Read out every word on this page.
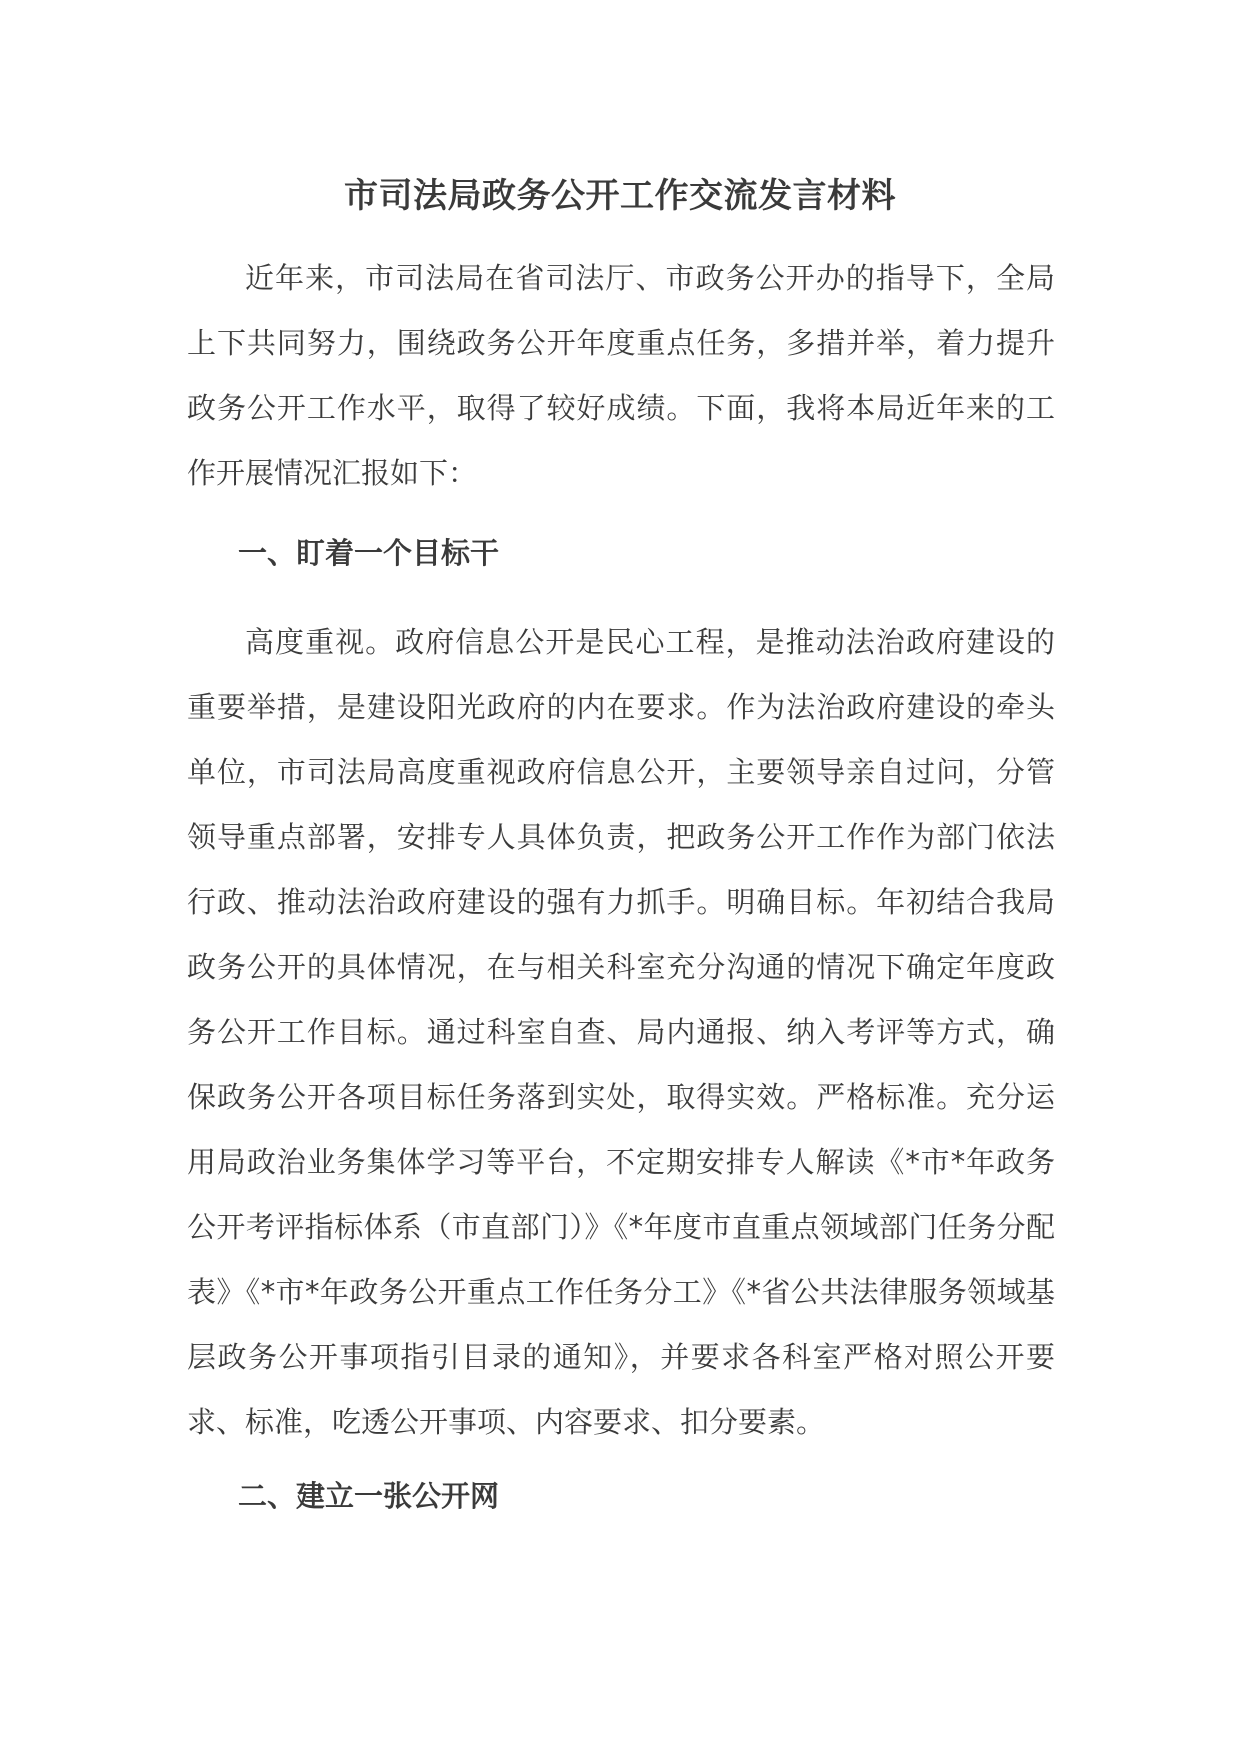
市司法局政务公开工作交流发言材料

近年来，市司法局在省司法厅、市政务公开办的指导下，全局上下共同努力，围绕政务公开年度重点任务，多措并举，着力提升政务公开工作水平，取得了较好成绩。下面，我将本局近年来的工作开展情况汇报如下：

一、盯着一个目标干

高度重视。政府信息公开是民心工程，是推动法治政府建设的重要举措，是建设阳光政府的内在要求。作为法治政府建设的牵头单位，市司法局高度重视政府信息公开，主要领导亲自过问，分管领导重点部署，安排专人具体负责，把政务公开工作作为部门依法行政、推动法治政府建设的强有力抓手。明确目标。年初结合我局政务公开的具体情况，在与相关科室充分沟通的情况下确定年度政务公开工作目标。通过科室自查、局内通报、纳入考评等方式，确保政务公开各项目标任务落到实处，取得实效。严格标准。充分运用局政治业务集体学习等平台，不定期安排专人解读《*市*年政务公开考评指标体系（市直部门）》《*年度市直重点领域部门任务分配表》《*市*年政务公开重点工作任务分工》《*省公共法律服务领域基层政务公开事项指引目录的通知》，并要求各科室严格对照公开要求、标准，吃透公开事项、内容要求、扣分要素。

二、建立一张公开网
